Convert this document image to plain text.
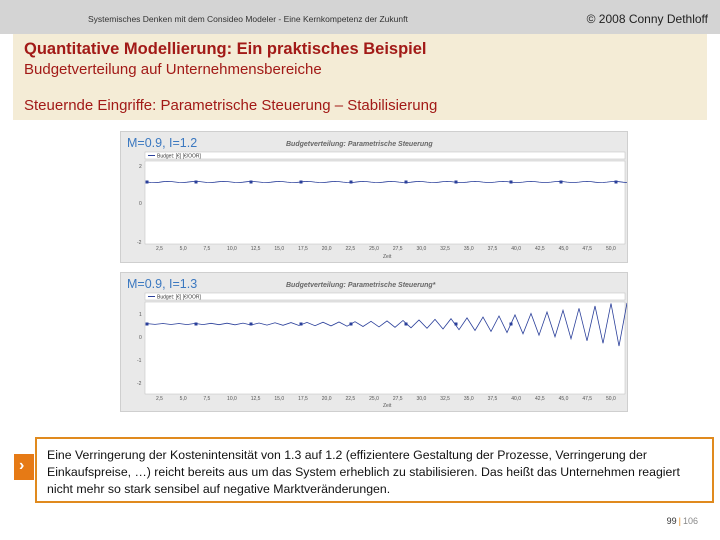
Systemisches Denken mit dem Consideo Modeler - Eine Kernkompetenz der Zukunft	© 2008 Conny Dethloff
Quantitative Modellierung: Ein praktisches Beispiel
Budgetverteilung auf Unternehmensbereiche
Steuernde Eingriffe: Parametrische Steuerung – Stabilisierung
M=0.9, I=1.2	Budgetverteilung: Parametrische Steuerung
Budget: [€] [€/OOR]
2
0
-2
2,5	5,0	7,5	10,0	12,5	15,0	17,5	20,0	22,5	25,0	27,5	30,0	32,5	35,0	37,5	40,0	42,5	45,0	47,5	50,0
Zeit
M=0.9, I=1.3	Budgetverteilung: Parametrische Steuerung*
Budget: [€] [€/OOR]
1
0
-1
-2
2,5	5,0	7,5	10,0	12,5	15,0	17,5	20,0	22,5	25,0	27,5	30,0	32,5	35,0	37,5	40,0	42,5	45,0	47,5	50,0
Zeit
›
Eine Verringerung der Kostenintensität von 1.3 auf 1.2 (effizientere Gestaltung der Prozesse, Verringerung der Einkaufspreise, …) reicht bereits aus um das System erheblich zu stabilisieren. Das heißt das Unternehmen reagiert nicht mehr so stark sensibel auf negative Marktveränderungen.
99 | 106
